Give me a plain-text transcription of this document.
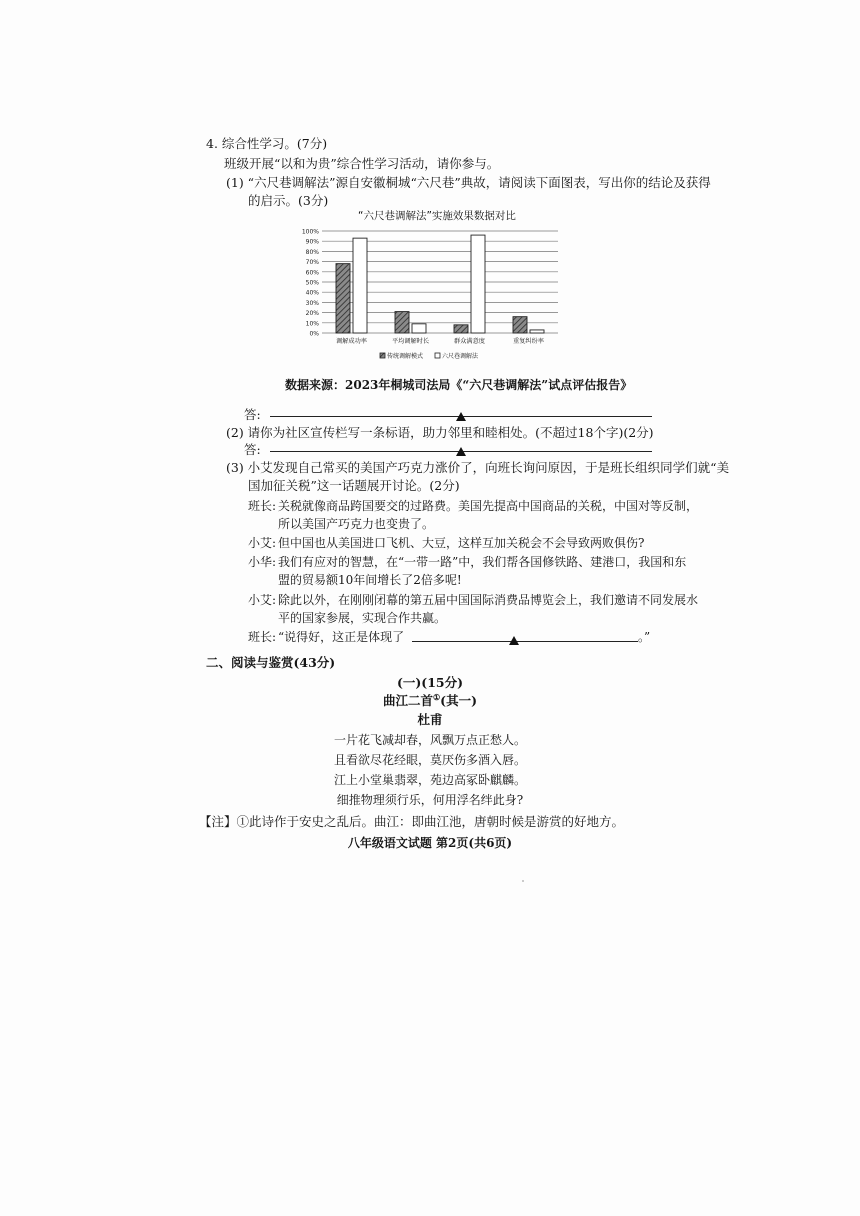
4. 综合性学习。(7分)
班级开展“以和为贵”综合性学习活动，请你参与。
(1) “六尺巷调解法”源自安徽桐城“六尺巷”典故，请阅读下面图表，写出你的结论及获得
的启示。(3分)
“六尺巷调解法”实施效果数据对比
0%
10%
20%
30%
40%
50%
60%
70%
80%
90%
100%
调解成功率	平均调解时长	群众满意度	重复纠纷率
传统调解模式	六尺巷调解法
数据来源：2023年桐城司法局《“六尺巷调解法”试点评估报告》
答:
(2) 请你为社区宣传栏写一条标语，助力邻里和睦相处。(不超过18个字)(2分)
答:
(3) 小艾发现自己常买的美国产巧克力涨价了，向班长询问原因，于是班长组织同学们就“美
国加征关税”这一话题展开讨论。(2分)
班长: 关税就像商品跨国要交的过路费。美国先提高中国商品的关税，中国对等反制，
所以美国产巧克力也变贵了。
小艾: 但中国也从美国进口飞机、大豆，这样互加关税会不会导致两败俱伤?
小华: 我们有应对的智慧，在“一带一路”中，我们帮各国修铁路、建港口，我国和东
盟的贸易额10年间增长了2倍多呢!
小艾: 除此以外，在刚刚闭幕的第五届中国国际消费品博览会上，我们邀请不同发展水
平的国家参展，实现合作共赢。
班长: “说得好，这正是体现了	。”
二、阅读与鉴赏(43分)
(一)(15分)
曲江二首①(其一)
杜甫
一片花飞减却春，风飘万点正愁人。
且看欲尽花经眼，莫厌伤多酒入唇。
江上小堂巢翡翠，苑边高冢卧麒麟。
细推物理须行乐，何用浮名绊此身?
【注】①此诗作于安史之乱后。曲江：即曲江池，唐朝时候是游赏的好地方。
八年级语文试题 第2页(共6页)
